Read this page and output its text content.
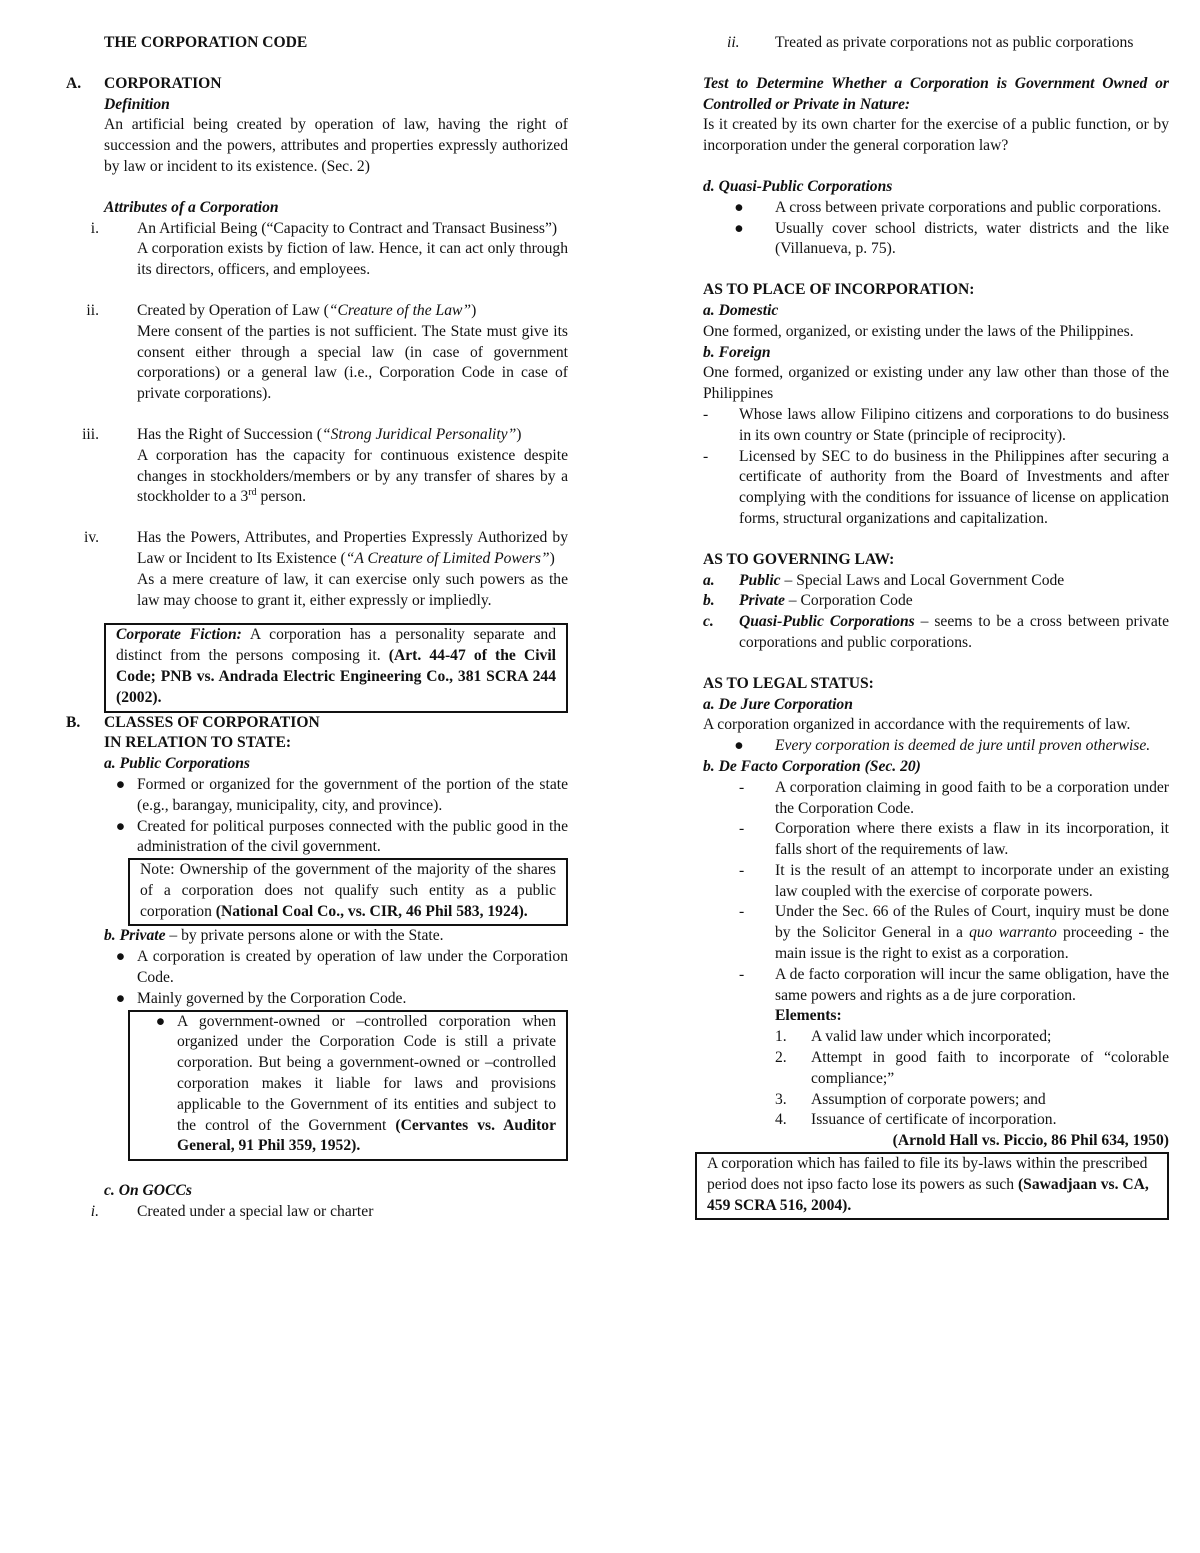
THE CORPORATION CODE

A.	CORPORATION

Definition

An artificial being created by operation of law, having the right of succession and the powers, attributes and properties expressly authorized by law or incident to its existence. (Sec. 2)

Attributes of a Corporation

i.	An Artificial Being (“Capacity to Contract and Transact Business”)

A corporation exists by fiction of law. Hence, it can act only through its directors, officers, and employees.

ii.	Created by Operation of Law (“Creature of the Law”)

Mere consent of the parties is not sufficient. The State must give its consent either through a special law (in case of government corporations) or a general law (i.e., Corporation Code in case of private corporations).

iii.	Has the Right of Succession (“Strong Juridical Personality”)

A corporation has the capacity for continuous existence despite changes in stockholders/members or by any transfer of shares by a stockholder to a 3rd person.

iv.	Has the Powers, Attributes, and Properties Expressly Authorized by Law or Incident to Its Existence (“A Creature of Limited Powers”)

As a mere creature of law, it can exercise only such powers as the law may choose to grant it, either expressly or impliedly.

Corporate Fiction: A corporation has a personality separate and distinct from the persons composing it. (Art. 44-47 of the Civil Code; PNB vs. Andrada Electric Engineering Co., 381 SCRA 244 (2002).

B.	CLASSES OF CORPORATION
IN RELATION TO STATE:

a. Public Corporations

● Formed or organized for the government of the portion of the state (e.g., barangay, municipality, city, and province).
● Created for political purposes connected with the public good in the administration of the civil government.

Note: Ownership of the government of the majority of the shares of a corporation does not qualify such entity as a public corporation (National Coal Co., vs. CIR, 46 Phil 583, 1924).

b. Private – by private persons alone or with the State.

● A corporation is created by operation of law under the Corporation Code.
● Mainly governed by the Corporation Code.
● A government-owned or –controlled corporation when organized under the Corporation Code is still a private corporation. But being a government-owned or –controlled corporation makes it liable for laws and provisions applicable to the Government of its entities and subject to the control of the Government (Cervantes vs. Auditor General, 91 Phil 359, 1952).

c. On GOCCs

i.	Created under a special law or charter
ii.	Treated as private corporations not as public corporations

Test to Determine Whether a Corporation is Government Owned or Controlled or Private in Nature:

Is it created by its own charter for the exercise of a public function, or by incorporation under the general corporation law?

d. Quasi-Public Corporations

●	A cross between private corporations and public corporations.
●	Usually cover school districts, water districts and the like (Villanueva, p. 75).

AS TO PLACE OF INCORPORATION:

a. Domestic

One formed, organized, or existing under the laws of the Philippines.

b. Foreign

One formed, organized or existing under any law other than those of the Philippines

-	Whose laws allow Filipino citizens and corporations to do business in its own country or State (principle of reciprocity).
-	Licensed by SEC to do business in the Philippines after securing a certificate of authority from the Board of Investments and after complying with the conditions for issuance of license on application forms, structural organizations and capitalization.

AS TO GOVERNING LAW:

a.	Public – Special Laws and Local Government Code
b.	Private – Corporation Code
c.	Quasi-Public Corporations – seems to be a cross between private corporations and public corporations.

AS TO LEGAL STATUS:

a. De Jure Corporation

A corporation organized in accordance with the requirements of law.

●	Every corporation is deemed de jure until proven otherwise.

b. De Facto Corporation (Sec. 20)

-	A corporation claiming in good faith to be a corporation under the Corporation Code.
-	Corporation where there exists a flaw in its incorporation, it falls short of the requirements of law.
-	It is the result of an attempt to incorporate under an existing law coupled with the exercise of corporate powers.
-	Under the Sec. 66 of the Rules of Court, inquiry must be done by the Solicitor General in a quo warranto proceeding - the main issue is the right to exist as a corporation.
-	A de facto corporation will incur the same obligation, have the same powers and rights as a de jure corporation.

Elements:

1.	A valid law under which incorporated;
2.	Attempt in good faith to incorporate of “colorable compliance;”
3.	Assumption of corporate powers; and
4.	Issuance of certificate of incorporation.

(Arnold Hall vs. Piccio, 86 Phil 634, 1950)

A corporation which has failed to file its by-laws within the prescribed period does not ipso facto lose its powers as such (Sawadjaan vs. CA, 459 SCRA 516, 2004).
